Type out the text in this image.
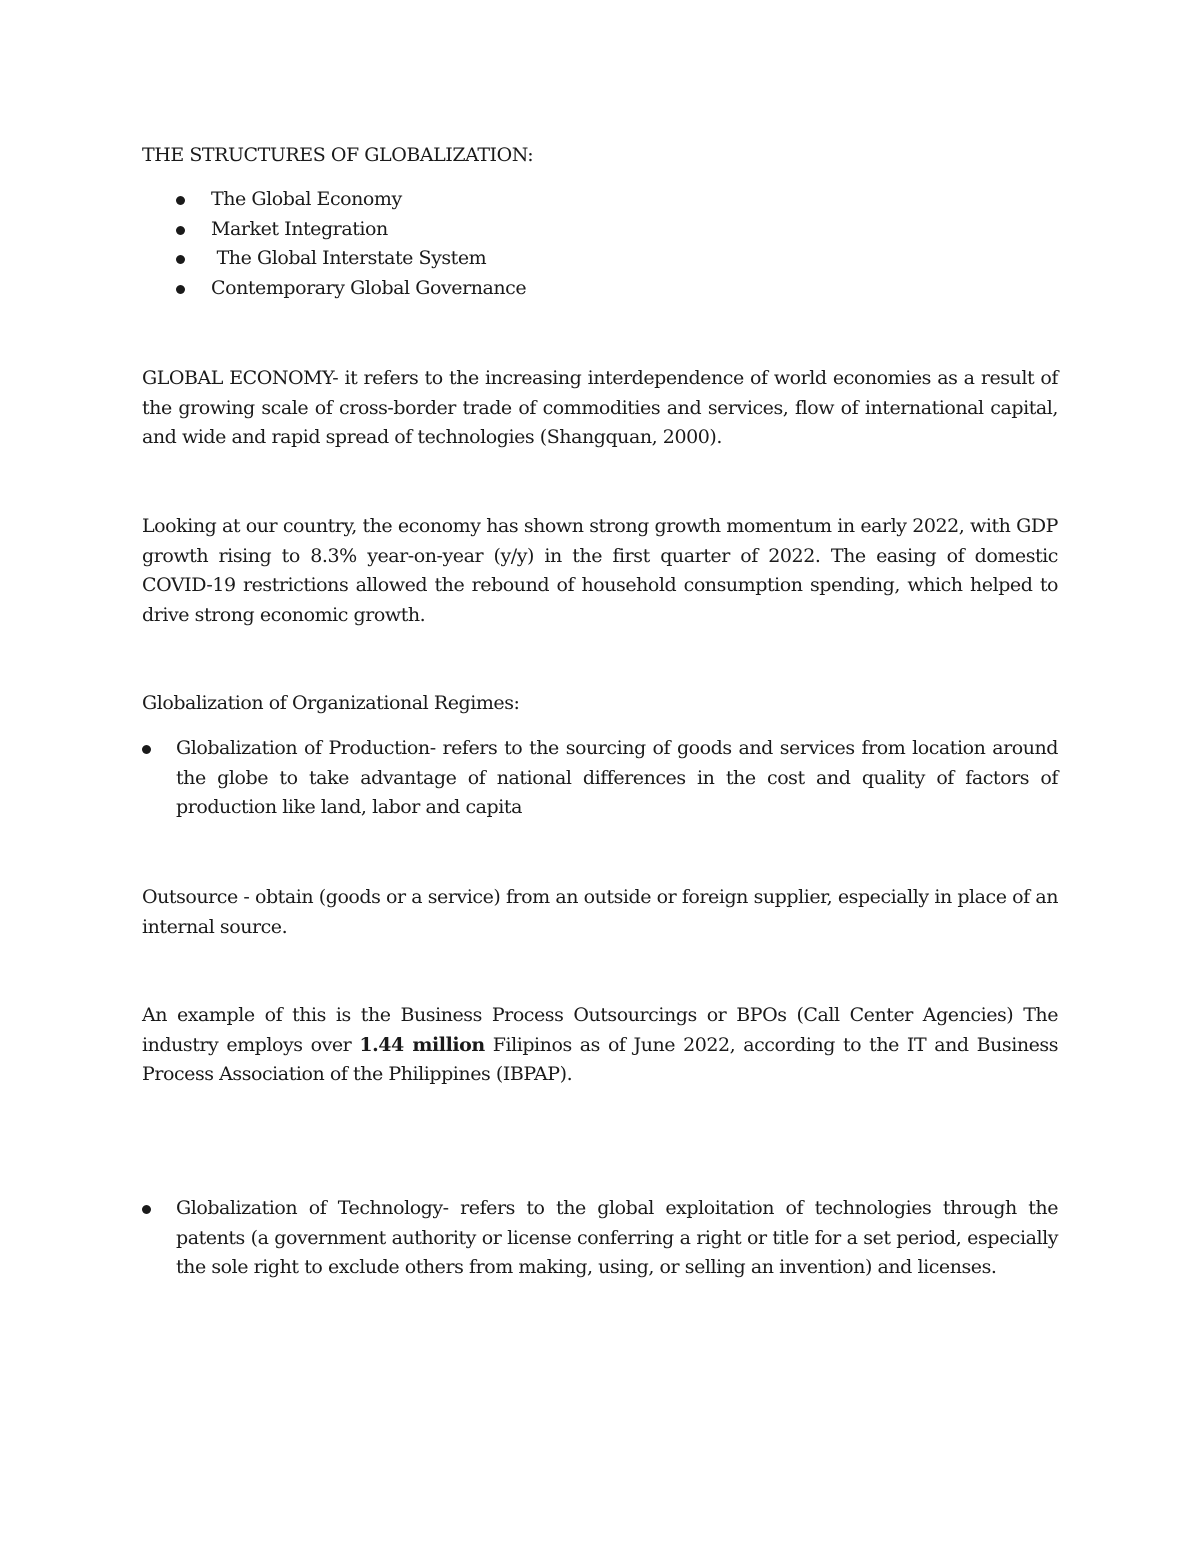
THE STRUCTURES OF GLOBALIZATION:
The Global Economy
Market Integration
The Global Interstate System
Contemporary Global Governance
GLOBAL ECONOMY- it refers to the increasing interdependence of world economies as a result of the growing scale of cross-border trade of commodities and services, flow of international capital, and wide and rapid spread of technologies (Shangquan, 2000).
Looking at our country, the economy has shown strong growth momentum in early 2022, with GDP growth rising to 8.3% year-on-year (y/y) in the first quarter of 2022. The easing of domestic COVID-19 restrictions allowed the rebound of household consumption spending, which helped to drive strong economic growth.
Globalization of Organizational Regimes:
Globalization of Production- refers to the sourcing of goods and services from location around the globe to take advantage of national differences in the cost and quality of factors of production like land, labor and capita
Outsource - obtain (goods or a service) from an outside or foreign supplier, especially in place of an internal source.
An example of this is the Business Process Outsourcings or BPOs (Call Center Agencies) The industry employs over 1.44 million Filipinos as of June 2022, according to the IT and Business Process Association of the Philippines (IBPAP).
Globalization of Technology- refers to the global exploitation of technologies through the patents (a government authority or license conferring a right or title for a set period, especially the sole right to exclude others from making, using, or selling an invention) and licenses.
